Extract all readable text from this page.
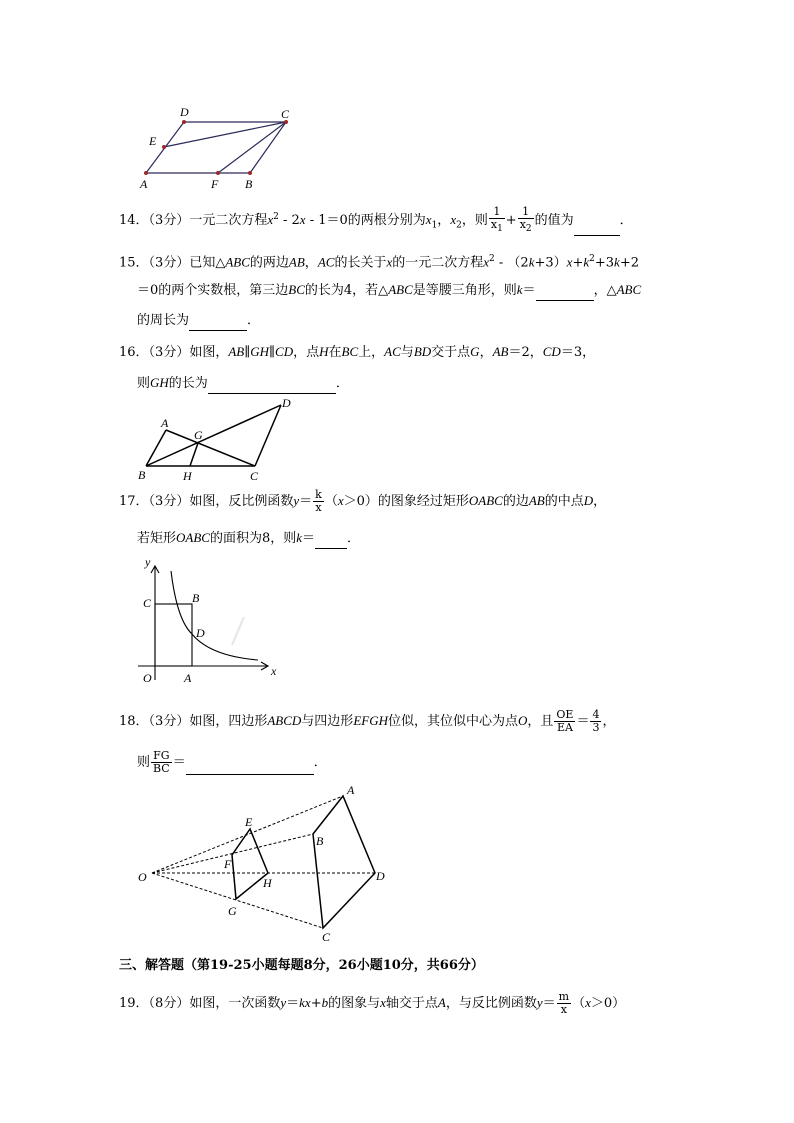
D	C
E
A	F B
14．（3分）一元二次方程$x^2 - 2x - 1=0$的两根分别为$x_1$，$x_2$，则 $\frac{1}{x_1} + \frac{1}{x_2}$ 的值为	．
15．（3分）已知△ABC的两边AB，AC的长关于x的一元二次方程$x^2 - (2k+3)x+k^2+3k+2$
＝0的两个实数根，第三边BC的长为4，若△ABC是等腰三角形，则k＝	，△ABC
的周长为	．
16．（3分）如图，AB∥GH∥CD，点H在BC上，AC与BD交于点G，AB＝2，CD＝3，
则GH的长为	．
A
G
D
B	H	C
17．（3分）如图，反比例函数$y= \frac{k}{x} (x>0)$的图象经过矩形OABC的边AB的中点D，
若矩形OABC的面积为8，则k＝ ．
y
C	B
D
O	A	x
18．（3分）如图，四边形ABCD与四边形EFGH位似，其位似中心为点O，且 $\frac{OE}{EA} = \frac{4}{3}$ ，
则 $\frac{FG}{BC}$ ＝	．
A
E
B
F
O	H	D
G
C
三、解答题（第19-25小题每题8分，26小题10分，共66分）
19．（8分）如图，一次函数y＝kx+b的图象与x轴交于点A，与反比例函数$y= \frac{m}{x} (x>0)$
